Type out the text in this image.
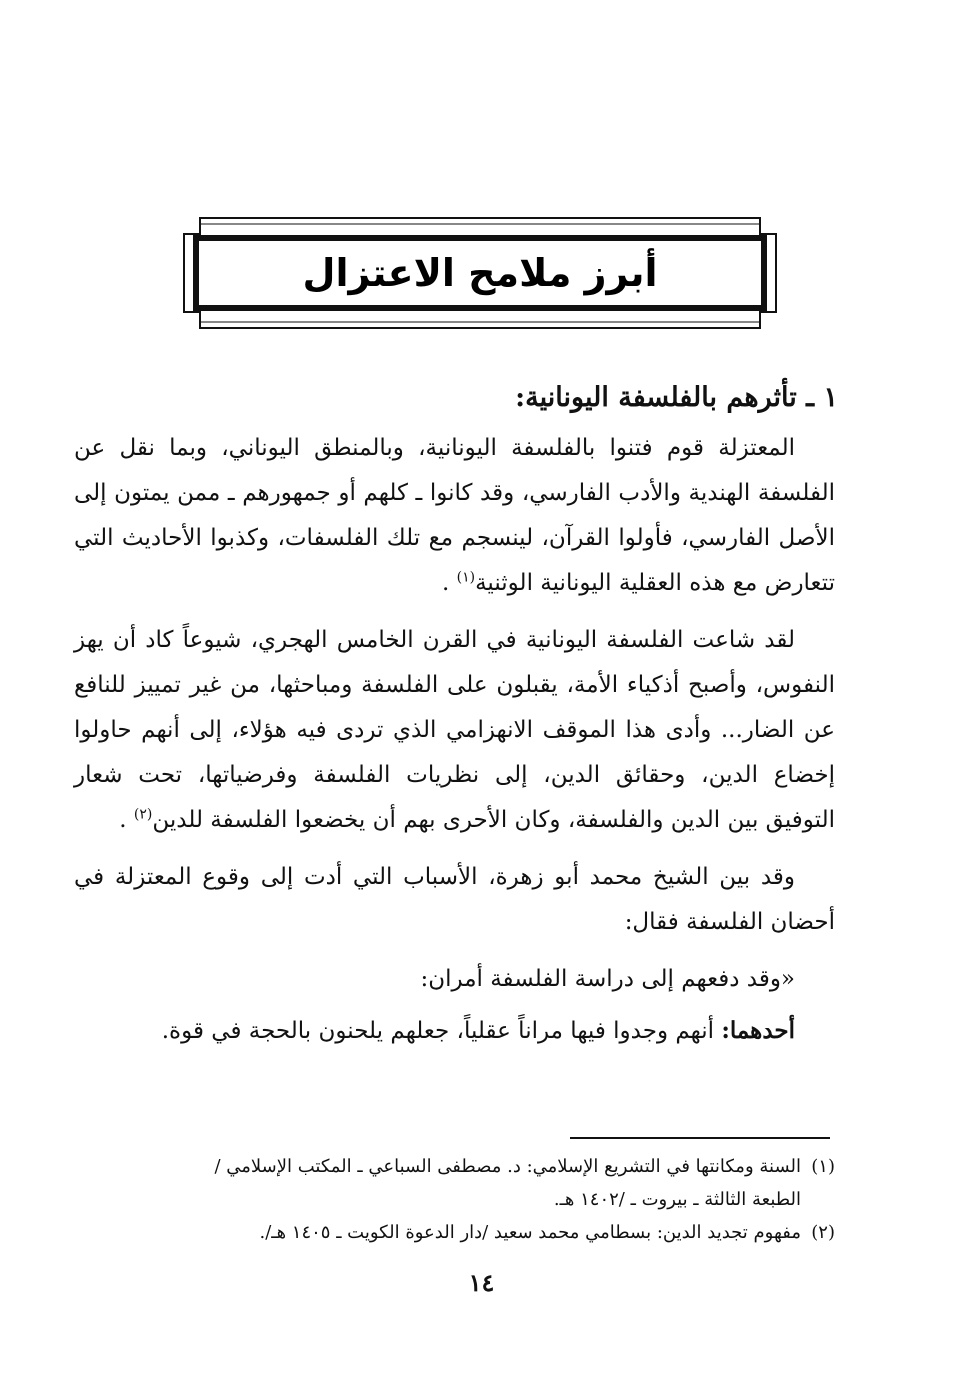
أبرز ملامح الاعتزال
١ ـ تأثرهم بالفلسفة اليونانية:

المعتزلة قوم فتنوا بالفلسفة اليونانية، وبالمنطق اليوناني، وبما نقل عن الفلسفة الهندية والأدب الفارسي، وقد كانوا ـ كلهم أو جمهورهم ـ ممن يمتون إلى الأصل الفارسي، فأولوا القرآن، لينسجم مع تلك الفلسفات، وكذبوا الأحاديث التي تتعارض مع هذه العقلية اليونانية الوثنية$^{(١)}$ .

لقد شاعت الفلسفة اليونانية في القرن الخامس الهجري، شيوعاً كاد أن يهز النفوس، وأصبح أذكياء الأمة، يقبلون على الفلسفة ومباحثها، من غير تمييز للنافع عن الضار... وأدى هذا الموقف الانهزامي الذي تردى فيه هؤلاء، إلى أنهم حاولوا إخضاع الدين، وحقائق الدين، إلى نظريات الفلسفة وفرضياتها، تحت شعار التوفيق بين الدين والفلسفة، وكان الأحرى بهم أن يخضعوا الفلسفة للدين$^{(٢)}$ .

وقد بين الشيخ محمد أبو زهرة، الأسباب التي أدت إلى وقوع المعتزلة في أحضان الفلسفة فقال:

«وقد دفعهم إلى دراسة الفلسفة أمران:
أحدهما: أنهم وجدوا فيها مراناً عقلياً، جعلهم يلحنون بالحجة في قوة.

(١)السنة ومكانتها في التشريع الإسلامي: د. مصطفى السباعي ـ المكتب الإسلامي /
الطبعة الثالثة ـ بيروت ـ /١٤٠٢ هـ.

(٢)مفهوم تجديد الدين: بسطامي محمد سعيد /دار الدعوة الكويت ـ ١٤٠٥ هـ/.

١٤
